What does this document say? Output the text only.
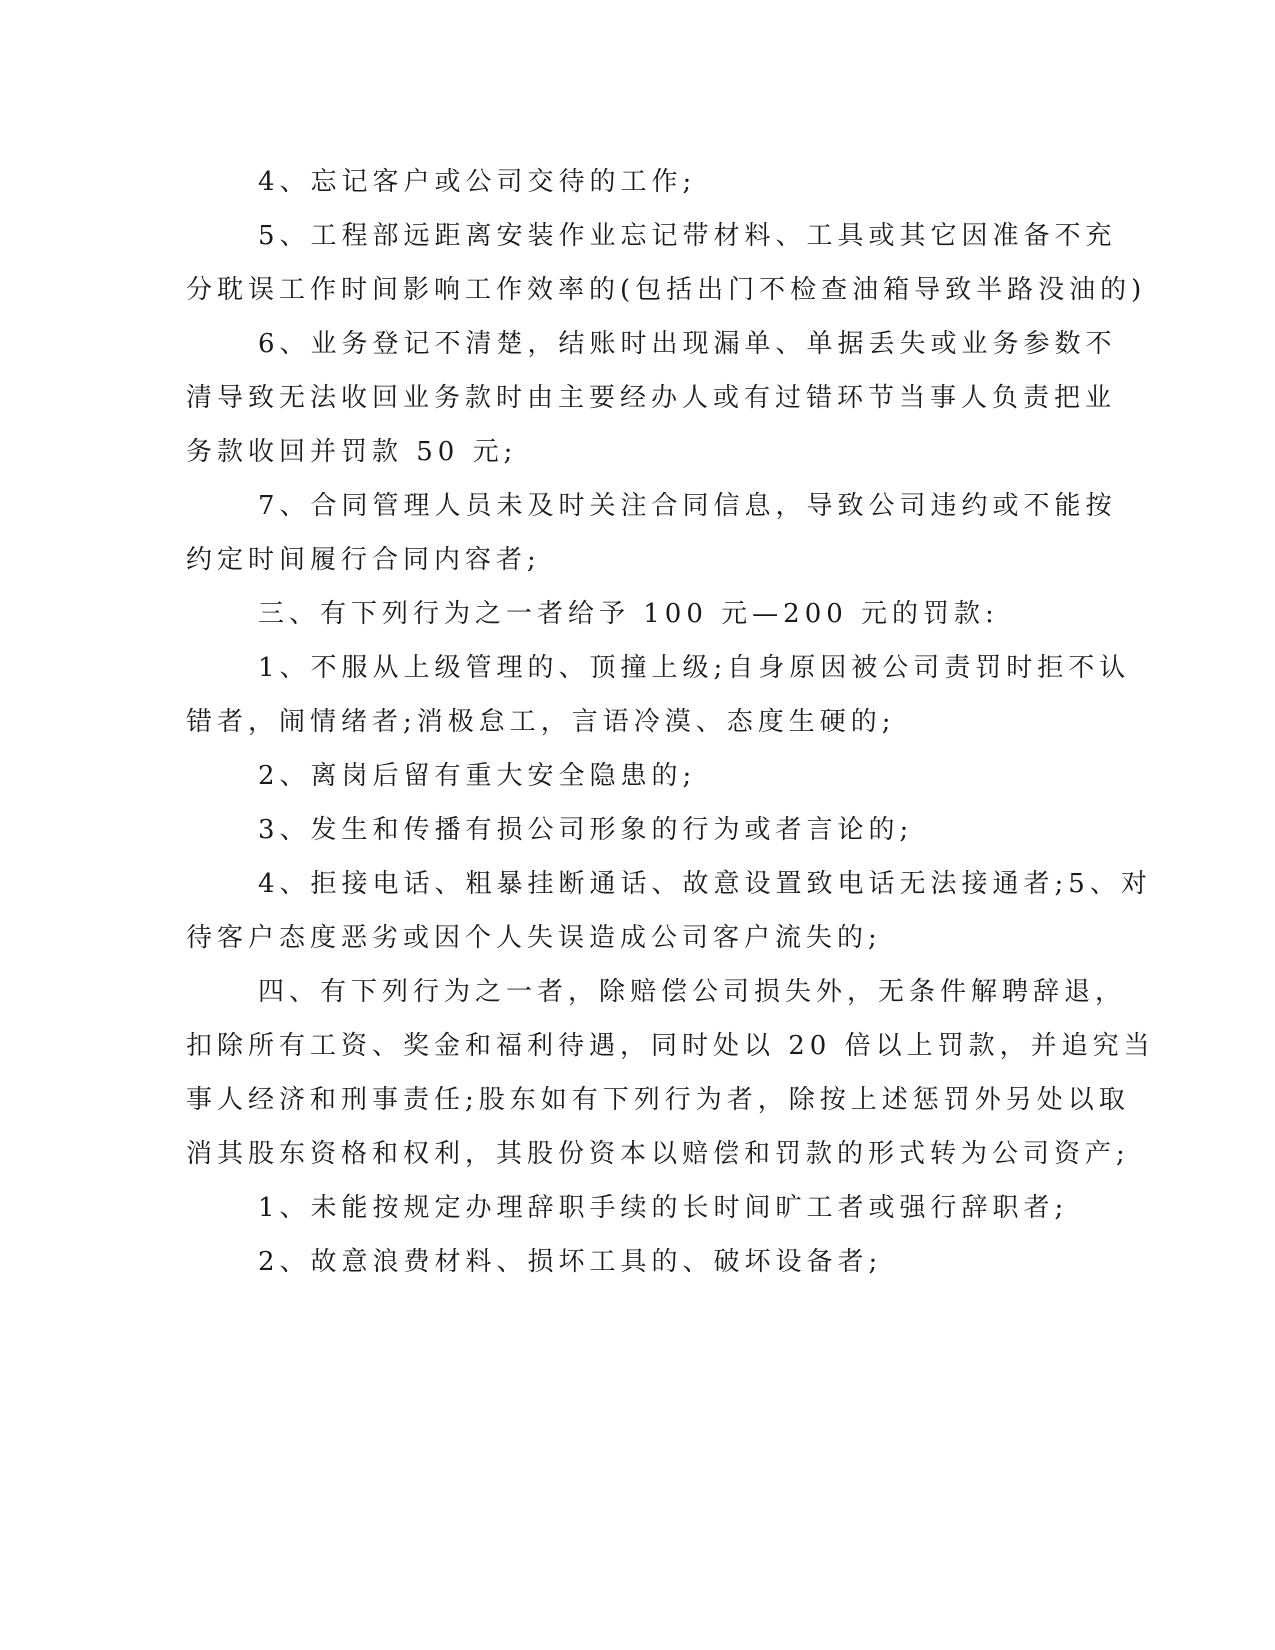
4、忘记客户或公司交待的工作;
5、工程部远距离安装作业忘记带材料、工具或其它因准备不充
分耽误工作时间影响工作效率的(包括出门不检查油箱导致半路没油的)
6、业务登记不清楚，结账时出现漏单、单据丢失或业务参数不
清导致无法收回业务款时由主要经办人或有过错环节当事人负责把业
务款收回并罚款 50 元;
7、合同管理人员未及时关注合同信息，导致公司违约或不能按
约定时间履行合同内容者;
三、有下列行为之一者给予 100 元—200 元的罚款:
1、不服从上级管理的、顶撞上级;自身原因被公司责罚时拒不认
错者，闹情绪者;消极怠工，言语冷漠、态度生硬的;
2、离岗后留有重大安全隐患的;
3、发生和传播有损公司形象的行为或者言论的;
4、拒接电话、粗暴挂断通话、故意设置致电话无法接通者;5、对
待客户态度恶劣或因个人失误造成公司客户流失的;
四、有下列行为之一者，除赔偿公司损失外，无条件解聘辞退，
扣除所有工资、奖金和福利待遇，同时处以 20 倍以上罚款，并追究当
事人经济和刑事责任;股东如有下列行为者，除按上述惩罚外另处以取
消其股东资格和权利，其股份资本以赔偿和罚款的形式转为公司资产;
1、未能按规定办理辞职手续的长时间旷工者或强行辞职者;
2、故意浪费材料、损坏工具的、破坏设备者;
